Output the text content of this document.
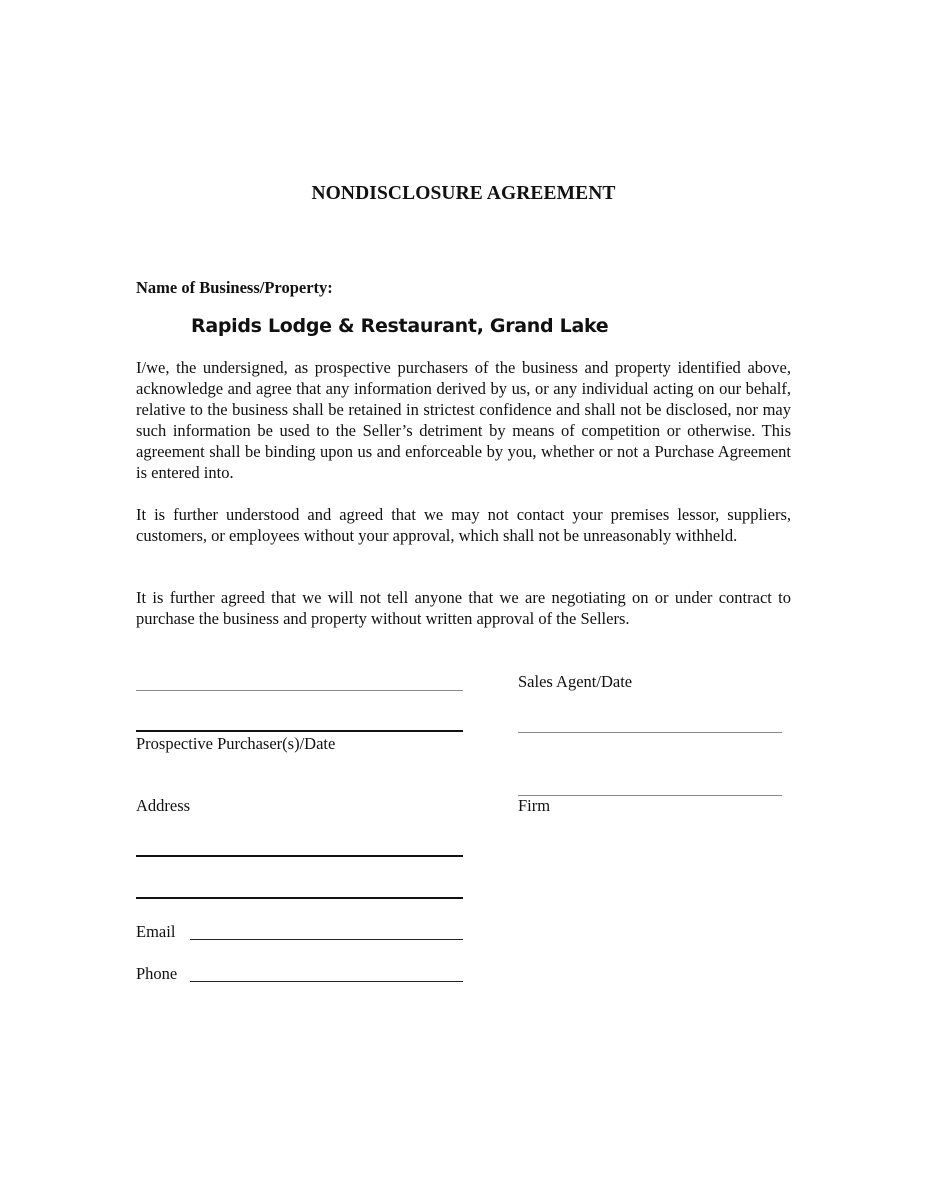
NONDISCLOSURE AGREEMENT
Name of Business/Property:
Rapids Lodge & Restaurant, Grand Lake
I/we, the undersigned, as prospective purchasers of the business and property identified above, acknowledge and agree that any information derived by us, or any individual acting on our behalf, relative to the business shall be retained in strictest confidence and shall not be disclosed, nor may such information be used to the Seller’s detriment by means of competition or otherwise. This agreement shall be binding upon us and enforceable by you, whether or not a Purchase Agreement is entered into.
It is further understood and agreed that we may not contact your premises lessor, suppliers, customers, or employees without your approval, which shall not be unreasonably withheld.
It is further agreed that we will not tell anyone that we are negotiating on or under contract to purchase the business and property without written approval of the Sellers.
Prospective Purchaser(s)/Date
Address
Email
Phone
Sales Agent/Date
Firm
